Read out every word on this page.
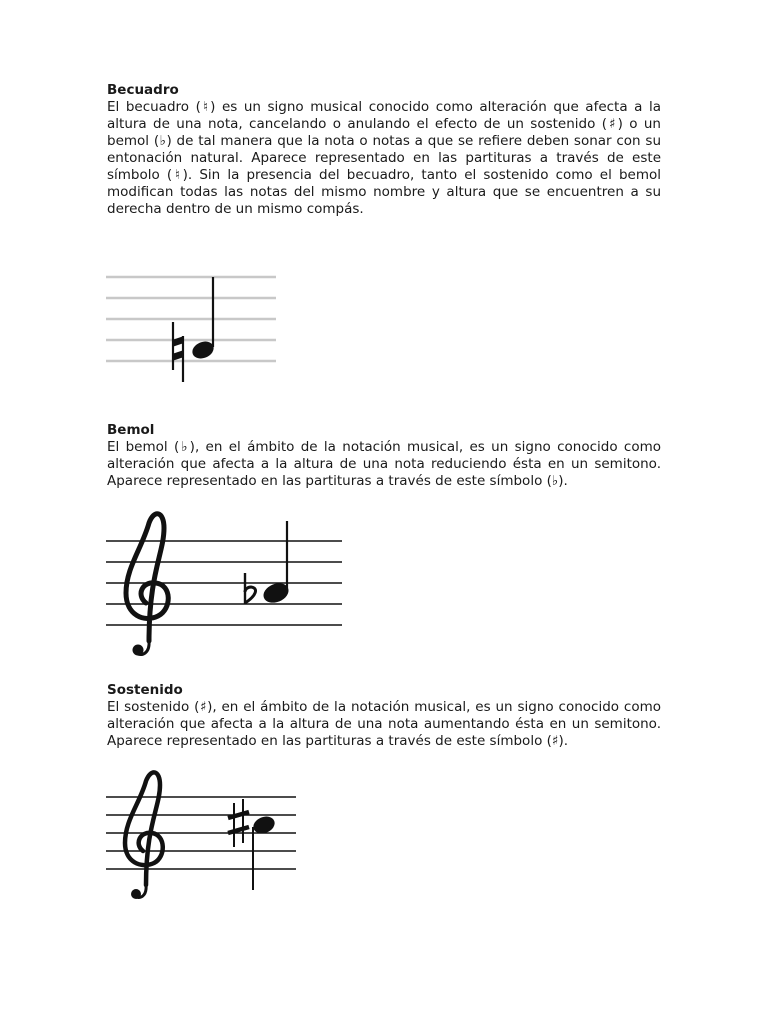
Becuadro

El becuadro (♮) es un signo musical conocido como alteración que afecta a la altura de una nota, cancelando o anulando el efecto de un sostenido (♯) o un bemol (♭) de tal manera que la nota o notas a que se refiere deben sonar con su entonación natural. Aparece representado en las partituras a través de este símbolo (♮). Sin la presencia del becuadro, tanto el sostenido como el bemol modifican todas las notas del mismo nombre y altura que se encuentren a su derecha dentro de un mismo compás.

Bemol

El bemol (♭), en el ámbito de la notación musical, es un signo conocido como alteración que afecta a la altura de una nota reduciendo ésta en un semitono. Aparece representado en las partituras a través de este símbolo (♭).

Sostenido

El sostenido (♯), en el ámbito de la notación musical, es un signo conocido como alteración que afecta a la altura de una nota aumentando ésta en un semitono. Aparece representado en las partituras a través de este símbolo (♯).
